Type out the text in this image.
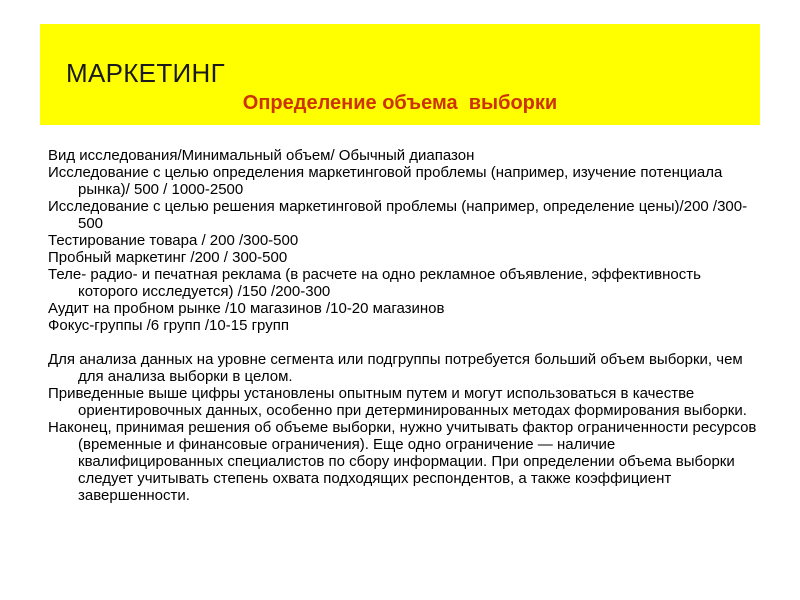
МАРКЕТИНГ
Определение объема  выборки

Вид исследования/Минимальный объем/ Обычный диапазон

Исследование с целью определения маркетинговой проблемы (например, изучение потенциала рынка)/ 500 / 1000-2500

Исследование с целью решения маркетинговой проблемы (например, определение цены)/200 /300-500

Тестирование товара / 200 /300-500

Пробный маркетинг /200 / 300-500

Теле- радио- и печатная реклама (в расчете на одно рекламное объявление, эффективность которого исследуется) /150 /200-300

Аудит на пробном рынке /10 магазинов /10-20 магазинов

Фокус-группы /6 групп /10-15 групп

Для анализа данных на уровне сегмента или подгруппы потребуется больший объем выборки, чем для анализа выборки в целом.

Приведенные выше цифры установлены опытным путем и могут использоваться в качестве ориентировочных данных, особенно при детерминированных методах формирования выборки.

Наконец, принимая решения об объеме выборки, нужно учитывать фактор ограниченности ресурсов (временные и финансовые ограничения). Еще одно ограничение — наличие квалифицированных специалистов по сбору информации. При определении объема выборки следует учитывать степень охвата подходящих респондентов, а также коэффициент завершенности.
